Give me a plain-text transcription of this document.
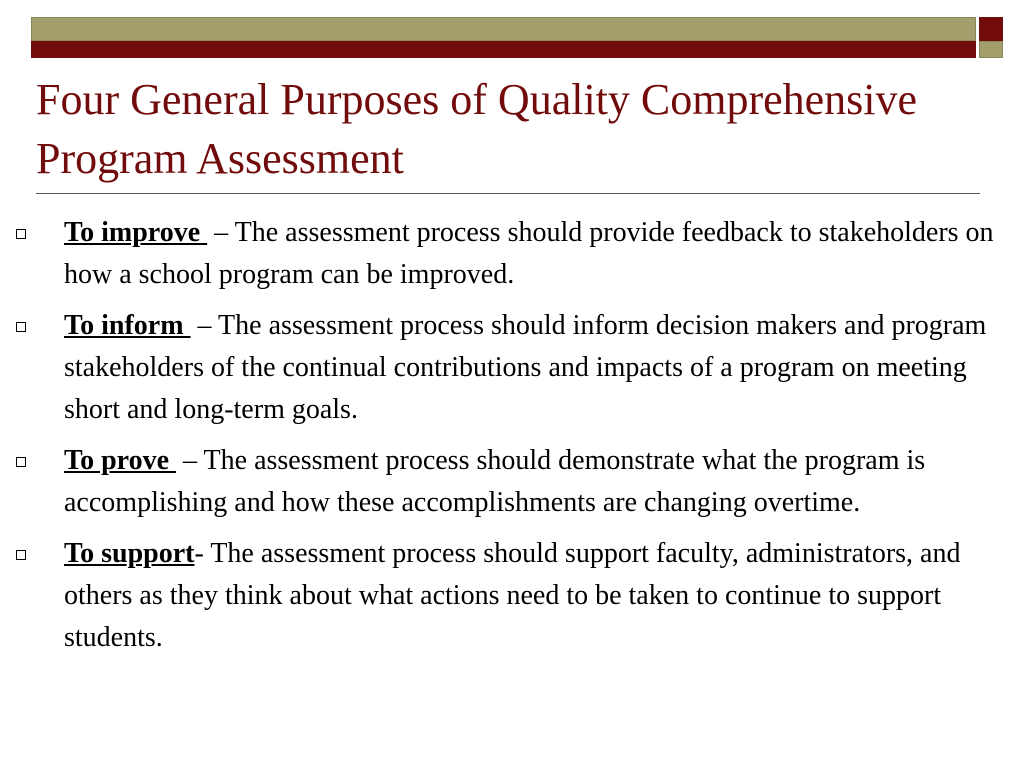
Four General Purposes of Quality Comprehensive Program Assessment
To improve  – The assessment process should provide feedback to stakeholders on how a school program can be improved.
To inform  – The assessment process should inform decision makers and program stakeholders of the continual contributions and impacts of a program on meeting short and long-term goals.
To prove  – The assessment process should demonstrate what the program is accomplishing and how these accomplishments are changing overtime.
To support- The assessment process should support faculty, administrators, and others as they think about what actions need to be taken to continue to support students.
